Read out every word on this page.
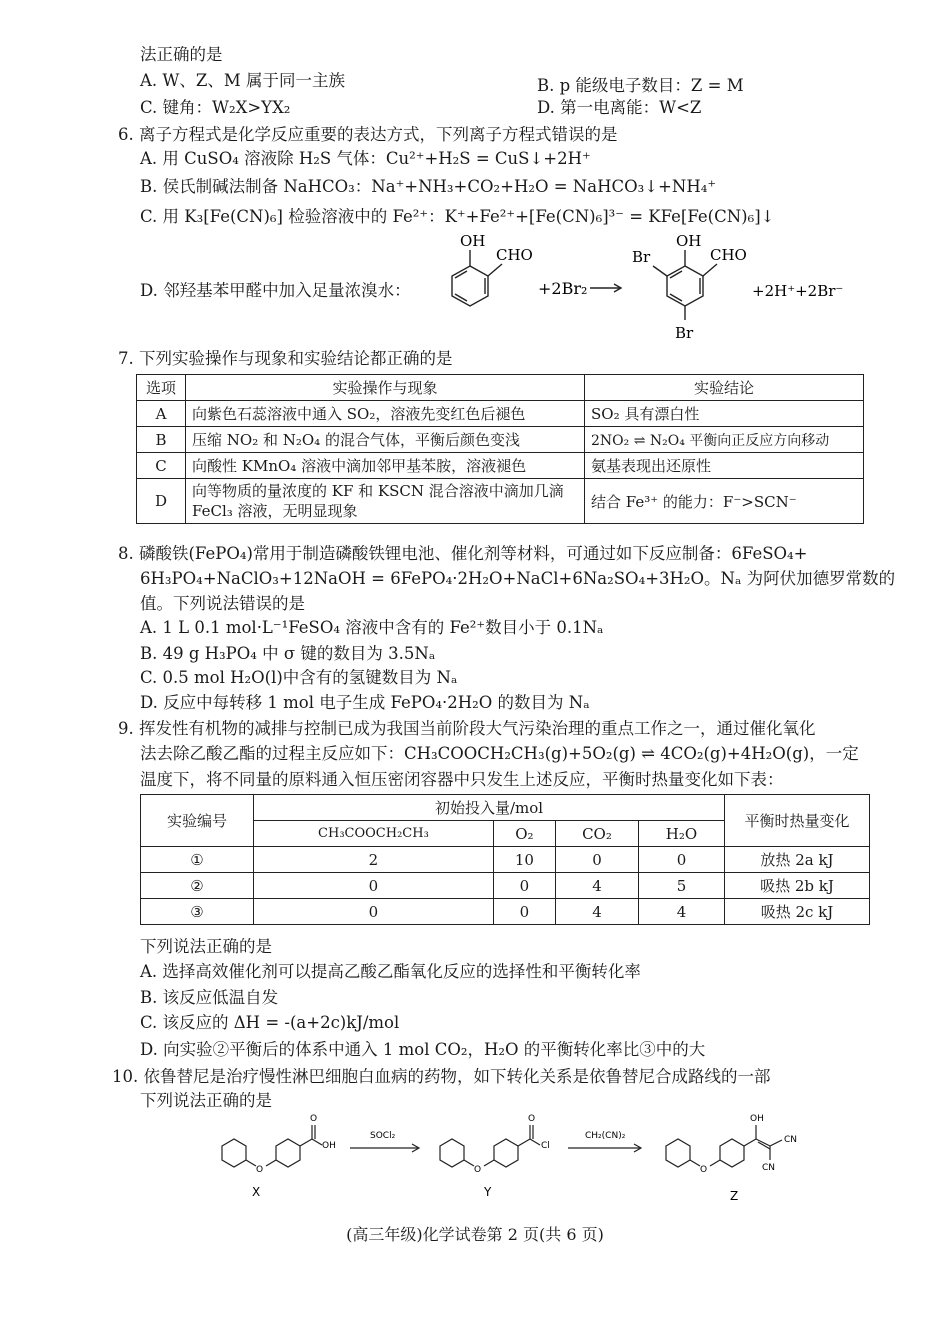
法正确的是
A. W、Z、M 属于同一主族	B. p 能级电子数目：Z = M
C. 键角：W₂X>YX₂	D. 第一电离能：W<Z
6. 离子方程式是化学反应重要的表达方式，下列离子方程式错误的是
A. 用 CuSO₄ 溶液除 H₂S 气体：Cu²⁺+H₂S = CuS↓+2H⁺
B. 侯氏制碱法制备 NaHCO₃：Na⁺+NH₃+CO₂+H₂O = NaHCO₃↓+NH₄⁺
C. 用 K₃[Fe(CN)₆] 检验溶液中的 Fe²⁺：K⁺+Fe²⁺+[Fe(CN)₆]³⁻ = KFe[Fe(CN)₆]↓
D. 邻羟基苯甲醛中加入足量浓溴水：
OH
CHO
+2Br₂
OH
CHO
Br
Br
+2H⁺+2Br⁻
7. 下列实验操作与现象和实验结论都正确的是
选项	实验操作与现象	实验结论
A	向紫色石蕊溶液中通入 SO₂，溶液先变红色后褪色	SO₂ 具有漂白性
B	压缩 NO₂ 和 N₂O₄ 的混合气体，平衡后颜色变浅	2NO₂ ⇌ N₂O₄ 平衡向正反应方向移动
C	向酸性 KMnO₄ 溶液中滴加邻甲基苯胺，溶液褪色	氨基表现出还原性
D	向等物质的量浓度的 KF 和 KSCN 混合溶液中滴加几滴 FeCl₃ 溶液，无明显现象	结合 Fe³⁺ 的能力：F⁻>SCN⁻
8. 磷酸铁(FePO₄)常用于制造磷酸铁锂电池、催化剂等材料，可通过如下反应制备：6FeSO₄+
6H₃PO₄+NaClO₃+12NaOH = 6FePO₄·2H₂O+NaCl+6Na₂SO₄+3H₂O。Nₐ 为阿伏加德罗常数的
值。下列说法错误的是
A. 1 L 0.1 mol·L⁻¹FeSO₄ 溶液中含有的 Fe²⁺数目小于 0.1Nₐ
B. 49 g H₃PO₄ 中 σ 键的数目为 3.5Nₐ
C. 0.5 mol H₂O(l)中含有的氢键数目为 Nₐ
D. 反应中每转移 1 mol 电子生成 FePO₄·2H₂O 的数目为 Nₐ
9. 挥发性有机物的减排与控制已成为我国当前阶段大气污染治理的重点工作之一，通过催化氧化
法去除乙酸乙酯的过程主反应如下：CH₃COOCH₂CH₃(g)+5O₂(g) ⇌ 4CO₂(g)+4H₂O(g)，一定
温度下，将不同量的原料通入恒压密闭容器中只发生上述反应，平衡时热量变化如下表：
实验编号	初始投入量/mol				平衡时热量变化
	CH₃COOCH₂CH₃	O₂	CO₂	H₂O	
①	2	10	0	0	放热 2a kJ
②	0	0	4	5	吸热 2b kJ
③	0	0	4	4	吸热 2c kJ
下列说法正确的是
A. 选择高效催化剂可以提高乙酸乙酯氧化反应的选择性和平衡转化率
B. 该反应低温自发
C. 该反应的 ΔH = -(a+2c)kJ/mol
D. 向实验②平衡后的体系中通入 1 mol CO₂，H₂O 的平衡转化率比③中的大
10. 依鲁替尼是治疗慢性淋巴细胞白血病的药物，如下转化关系是依鲁替尼合成路线的一部
下列说法正确的是
O
O
OH
X
SOCl₂
O
O
Cl
Y
CH₂(CN)₂
O
OH
CN
CN
Z
(高三年级)化学试卷第 2 页(共 6 页)
